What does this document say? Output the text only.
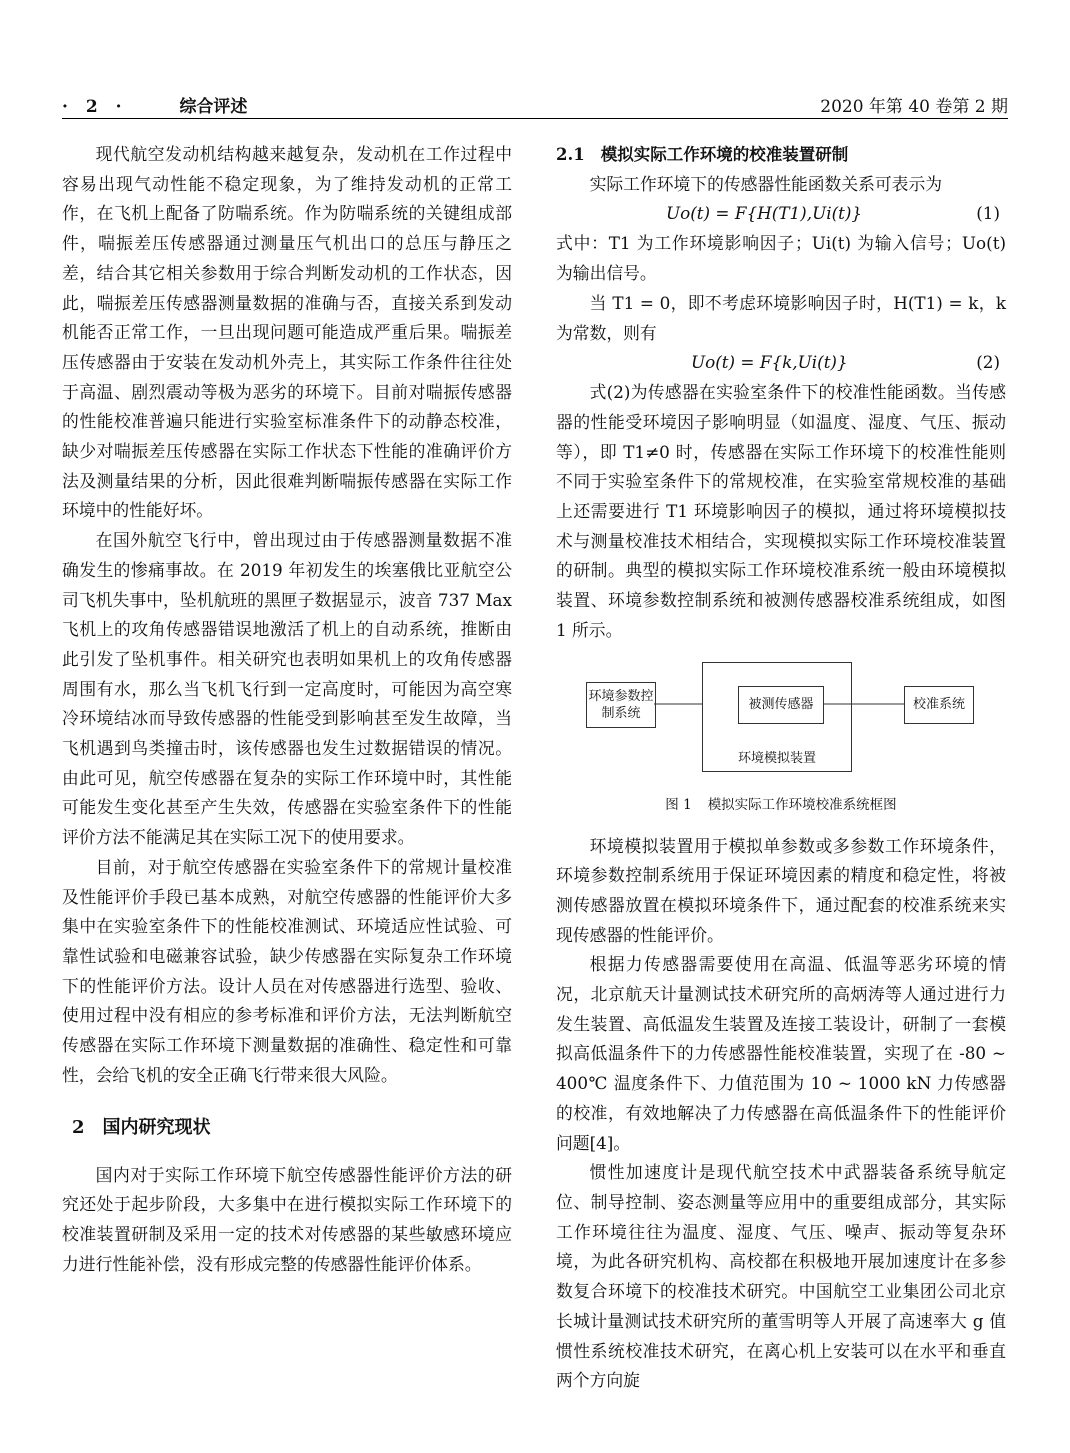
· 2 ·	综合评述	2020 年第 40 卷第 2 期

现代航空发动机结构越来越复杂，发动机在工作过程中容易出现气动性能不稳定现象，为了维持发动机的正常工作，在飞机上配备了防喘系统。作为防喘系统的关键组成部件，喘振差压传感器通过测量压气机出口的总压与静压之差，结合其它相关参数用于综合判断发动机的工作状态，因此，喘振差压传感器测量数据的准确与否，直接关系到发动机能否正常工作，一旦出现问题可能造成严重后果。喘振差压传感器由于安装在发动机外壳上，其实际工作条件往往处于高温、剧烈震动等极为恶劣的环境下。目前对喘振传感器的性能校准普遍只能进行实验室标准条件下的动静态校准，缺少对喘振差压传感器在实际工作状态下性能的准确评价方法及测量结果的分析，因此很难判断喘振传感器在实际工作环境中的性能好坏。

在国外航空飞行中，曾出现过由于传感器测量数据不准确发生的惨痛事故。在 2019 年初发生的埃塞俄比亚航空公司飞机失事中，坠机航班的黑匣子数据显示，波音 737 Max 飞机上的攻角传感器错误地激活了机上的自动系统，推断由此引发了坠机事件。相关研究也表明如果机上的攻角传感器周围有水，那么当飞机飞行到一定高度时，可能因为高空寒冷环境结冰而导致传感器的性能受到影响甚至发生故障，当飞机遇到鸟类撞击时，该传感器也发生过数据错误的情况。由此可见，航空传感器在复杂的实际工作环境中时，其性能可能发生变化甚至产生失效，传感器在实验室条件下的性能评价方法不能满足其在实际工况下的使用要求。

目前，对于航空传感器在实验室条件下的常规计量校准及性能评价手段已基本成熟，对航空传感器的性能评价大多集中在实验室条件下的性能校准测试、环境适应性试验、可靠性试验和电磁兼容试验，缺少传感器在实际复杂工作环境下的性能评价方法。设计人员在对传感器进行选型、验收、使用过程中没有相应的参考标准和评价方法，无法判断航空传感器在实际工作环境下测量数据的准确性、稳定性和可靠性，会给飞机的安全正确飞行带来很大风险。

2 国内研究现状

国内对于实际工作环境下航空传感器性能评价方法的研究还处于起步阶段，大多集中在进行模拟实际工作环境下的校准装置研制及采用一定的技术对传感器的某些敏感环境应力进行性能补偿，没有形成完整的传感器性能评价体系。

2.1 模拟实际工作环境的校准装置研制

实际工作环境下的传感器性能函数关系可表示为

Uo(t) = F{H(T1),Ui(t)}	(1)

式中：T1 为工作环境影响因子；Ui(t) 为输入信号；Uo(t) 为输出信号。

当 T1 = 0，即不考虑环境影响因子时，H(T1) = k，k 为常数，则有

Uo(t) = F{k,Ui(t)}	(2)

式(2)为传感器在实验室条件下的校准性能函数。当传感器的性能受环境因子影响明显（如温度、湿度、气压、振动等），即 T1≠0 时，传感器在实际工作环境下的校准性能则不同于实验室条件下的常规校准，在实验室常规校准的基础上还需要进行 T1 环境影响因子的模拟，通过将环境模拟技术与测量校准技术相结合，实现模拟实际工作环境校准装置的研制。典型的模拟实际工作环境校准系统一般由环境模拟装置、环境参数控制系统和被测传感器校准系统组成，如图 1 所示。

环境参数控制系统
环境模拟装置
被测传感器	校准系统
图 1 模拟实际工作环境校准系统框图

环境模拟装置用于模拟单参数或多参数工作环境条件，环境参数控制系统用于保证环境因素的精度和稳定性，将被测传感器放置在模拟环境条件下，通过配套的校准系统来实现传感器的性能评价。

根据力传感器需要使用在高温、低温等恶劣环境的情况，北京航天计量测试技术研究所的高炳涛等人通过进行力发生装置、高低温发生装置及连接工装设计，研制了一套模拟高低温条件下的力传感器性能校准装置，实现了在 -80 ~ 400℃ 温度条件下、力值范围为 10 ~ 1000 kN 力传感器的校准，有效地解决了力传感器在高低温条件下的性能评价问题[4]。

惯性加速度计是现代航空技术中武器装备系统导航定位、制导控制、姿态测量等应用中的重要组成部分，其实际工作环境往往为温度、湿度、气压、噪声、振动等复杂环境，为此各研究机构、高校都在积极地开展加速度计在多参数复合环境下的校准技术研究。中国航空工业集团公司北京长城计量测试技术研究所的董雪明等人开展了高速率大 g 值惯性系统校准技术研究，在离心机上安装可以在水平和垂直两个方向旋
